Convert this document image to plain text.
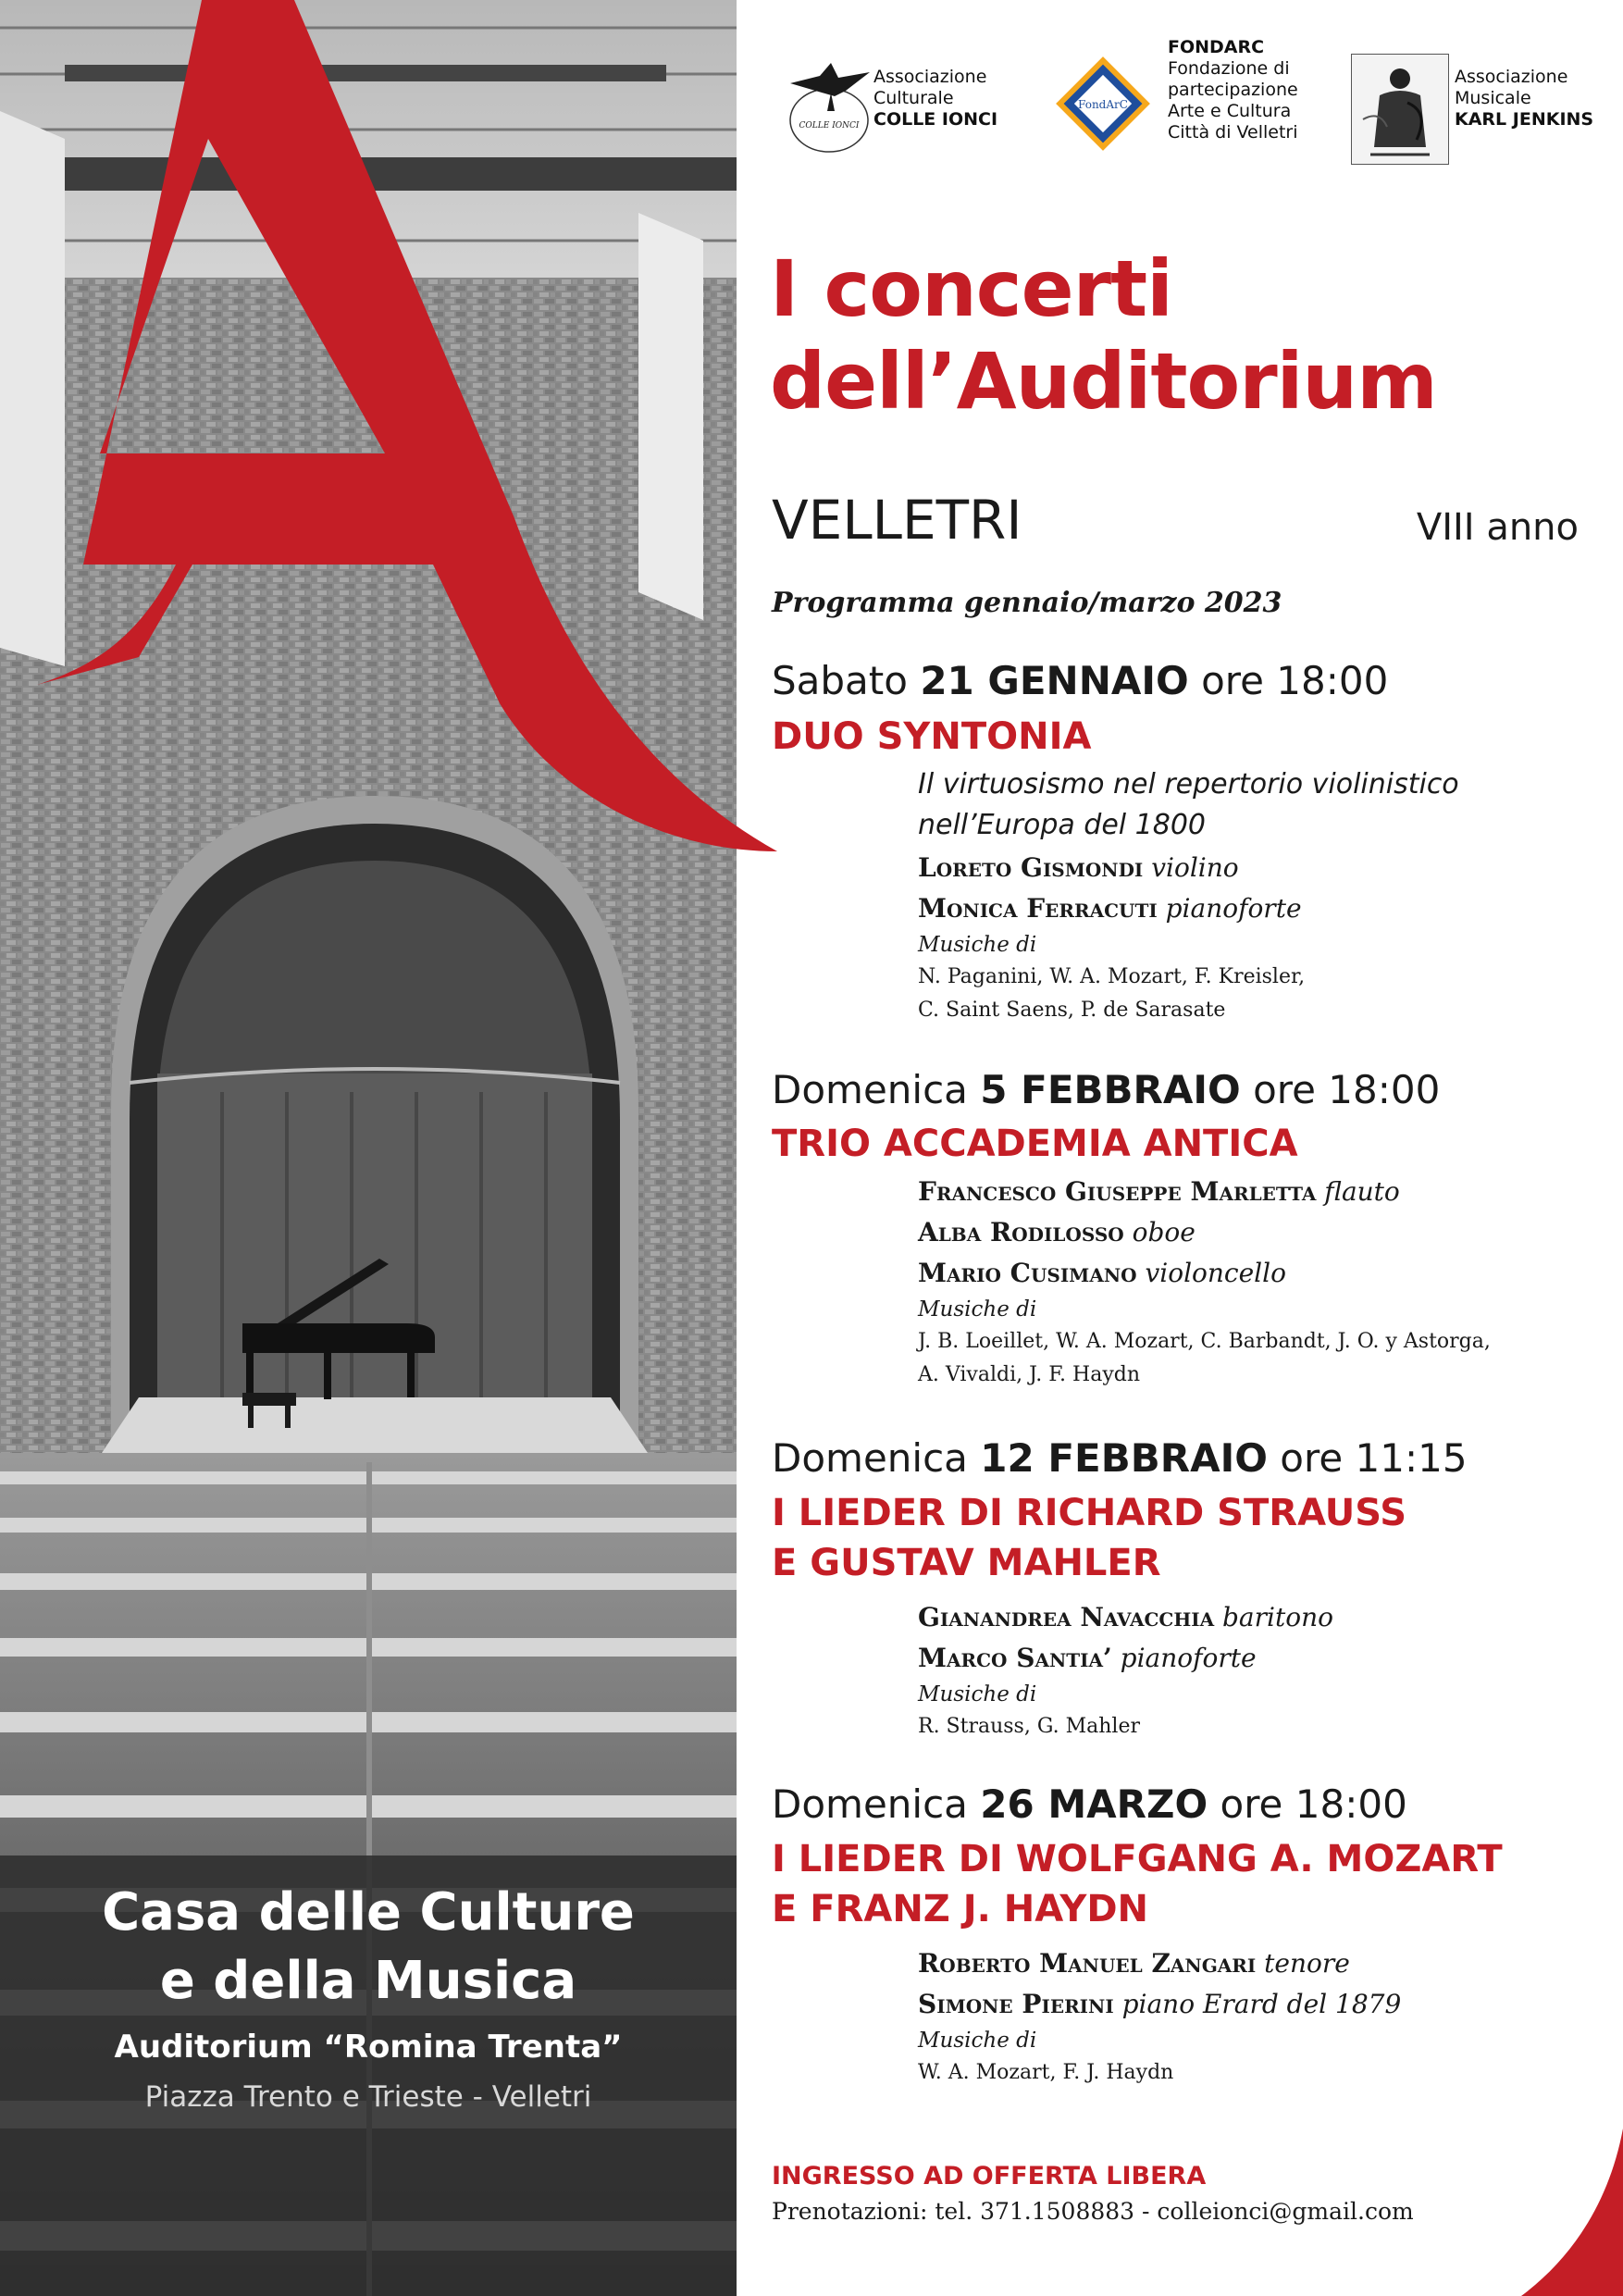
Casa delle Culture
e della Musica
Auditorium “Romina Trenta”
Piazza Trento e Trieste - Velletri
COLLE IONCI
Associazione
Culturale
COLLE IONCI
FondArC
FONDARC
Fondazione di
partecipazione
Arte e Cultura
Città di Velletri
Associazione
Musicale
KARL JENKINS
I concerti
dell’Auditorium
VELLETRI	VIII anno
Programma gennaio/marzo 2023
Sabato 21 GENNAIO ore 18:00
DUO SYNTONIA
Il virtuosismo nel repertorio violinistico
nell’Europa del 1800
Loreto Gismondi violino
Monica Ferracuti pianoforte
Musiche di
N. Paganini, W. A. Mozart, F. Kreisler,
C. Saint Saens, P. de Sarasate
Domenica 5 FEBBRAIO ore 18:00
TRIO ACCADEMIA ANTICA
Francesco Giuseppe Marletta flauto
Alba Rodilosso oboe
Mario Cusimano violoncello
Musiche di
J. B. Loeillet, W. A. Mozart, C. Barbandt, J. O. y Astorga,
A. Vivaldi, J. F. Haydn
Domenica 12 FEBBRAIO ore 11:15
I LIEDER DI RICHARD STRAUSS
E GUSTAV MAHLER
Gianandrea Navacchia baritono
Marco Santia’ pianoforte
Musiche di
R. Strauss, G. Mahler
Domenica 26 MARZO ore 18:00
I LIEDER DI WOLFGANG A. MOZART
E FRANZ J. HAYDN
Roberto Manuel Zangari tenore
Simone Pierini piano Erard del 1879
Musiche di
W. A. Mozart, F. J. Haydn
INGRESSO AD OFFERTA LIBERA
Prenotazioni: tel. 371.1508883 - colleionci@gmail.com
